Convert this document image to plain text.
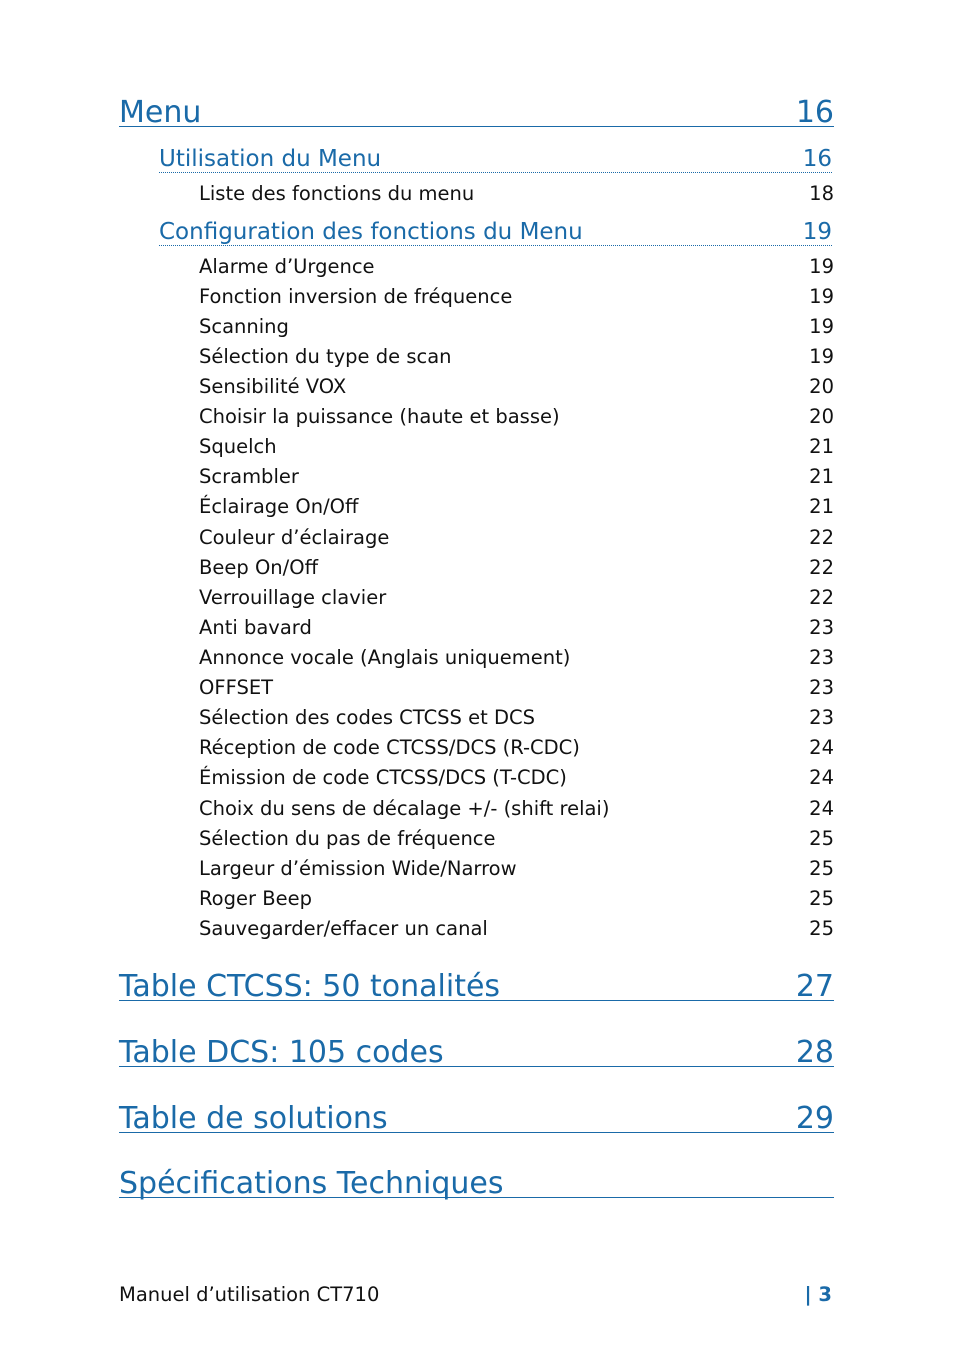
Menu	16
Utilisation du Menu	16
Liste des fonctions du menu	18
Configuration des fonctions du Menu	19
Alarme d’Urgence	19
Fonction inversion de fréquence	19
Scanning	19
Sélection du type de scan	19
Sensibilité VOX	20
Choisir la puissance (haute et basse)	20
Squelch	21
Scrambler	21
Éclairage On/Off	21
Couleur d’éclairage	22
Beep On/Off	22
Verrouillage clavier	22
Anti bavard	23
Annonce vocale (Anglais uniquement)	23
OFFSET	23
Sélection des codes CTCSS et DCS	23
Réception de code CTCSS/DCS (R-CDC)	24
Émission de code CTCSS/DCS (T-CDC)	24
Choix du sens de décalage +/- (shift relai)	24
Sélection du pas de fréquence	25
Largeur d’émission Wide/Narrow	25
Roger Beep	25
Sauvegarder/effacer un canal	25
Table CTCSS: 50 tonalités	27
Table DCS: 105 codes	28
Table de solutions	29
Spécifications Techniques
Manuel d’utilisation CT710	| 3
